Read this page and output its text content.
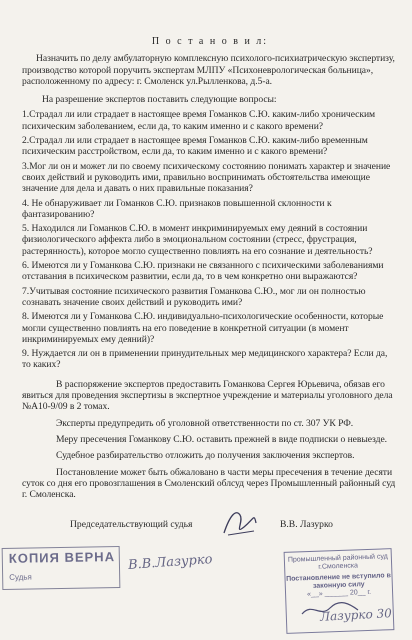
П о с т а н о в и л:

Назначить по делу амбулаторную комплексную психолого-психиатрическую экспертизу, производство которой поручить экспертам МЛПУ «Психоневрологическая больница», расположенному по адресу: г. Смоленск ул.Рылленкова, д.5-а.

На разрешение экспертов поставить следующие вопросы:

1.Страдал ли или страдает в настоящее время Гоманков С.Ю. каким-либо хроническим психическим заболеванием, если да, то каким именно и с какого времени?

2.Страдал ли или страдает в настоящее время Гоманков С.Ю. каким-либо временным психическим расстройством, если да, то каким именно и с какого времени?

3.Мог ли он и может ли по своему психическому состоянию понимать характер и значение своих действий и руководить ими, правильно воспринимать обстоятельства имеющие значение для дела и давать о них правильные показания?

4. Не обнаруживает ли Гоманков С.Ю. признаков повышенной склонности к фантазированию?

5. Находился ли Гоманков С.Ю. в момент инкриминируемых ему деяний в состоянии физиологического аффекта либо в эмоциональном состоянии (стресс, фрустрация, растерянность), которое могло существенно повлиять на его сознание и деятельность?

6. Имеются ли у Гоманкова С.Ю. признаки не связанного с психическими заболеваниями отставания в психическом развитии, если да, то в чем конкретно они выражаются?

7.Учитывая состояние психического развития Гоманкова С.Ю., мог ли он полностью сознавать значение своих действий и руководить ими?

8. Имеются ли у Гоманкова С.Ю. индивидуально-психологические особенности, которые могли существенно повлиять на его поведение в конкретной ситуации (в момент инкриминируемых ему деяний)?

9. Нуждается ли он в применении принудительных мер медицинского характера? Если да, то каких?

В распоряжение экспертов предоставить Гоманкова Сергея Юрьевича, обязав его явиться для проведения экспертизы в экспертное учреждение и материалы уголовного дела №А10-9/09 в 2 томах.

Эксперты предупредить об уголовной ответственности по ст. 307 УК РФ.

Меру пресечения Гоманкову С.Ю. оставить прежней в виде подписки о невыезде.

Судебное разбирательство отложить до получения заключения экспертов.

Постановление может быть обжаловано в части меры пресечения в течение десяти суток со дня его провозглашения в Смоленский облсуд через Промышленный районный суд г. Смоленска.

Председательствующий судья	В.В. Лазурко
КОПИЯ ВЕРНА
Судья
В.В.Лазурко	Промышленный районный суд
г.Смоленска
Постановление не вступило в законную силу
«__» ______ 20__ г.
Лазурко 30
